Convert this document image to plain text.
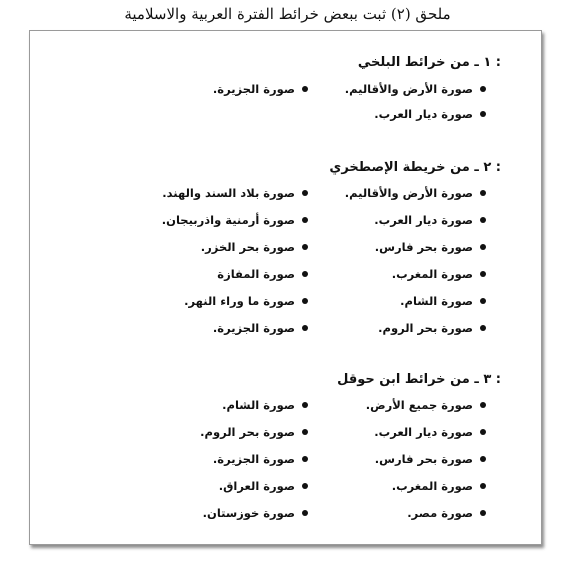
ملحق (٢) ثبت ببعض خرائط الفترة العربية والاسلامية
١ ـ من خرائط البلخي :
صورة الأرض والأقاليم.
صورة ديار العرب.
صورة الجزيرة.
٢ ـ من خريطة الإصطخري :
صورة الأرض والأقاليم.
صورة ديار العرب.
صورة بحر فارس.
صورة المغرب.
صورة الشام.
صورة بحر الروم.
صورة بلاد السند والهند.
صورة أرمنية واذربيجان.
صورة بحر الخزر.
صورة المفازة
صورة ما وراء النهر.
صورة الجزيرة.
٣ ـ من خرائط ابن حوقل :
صورة جميع الأرض.
صورة ديار العرب.
صورة بحر فارس.
صورة المغرب.
صورة مصر.
صورة الشام.
صورة بحر الروم.
صورة الجزيرة.
صورة العراق.
صورة خوزستان.
